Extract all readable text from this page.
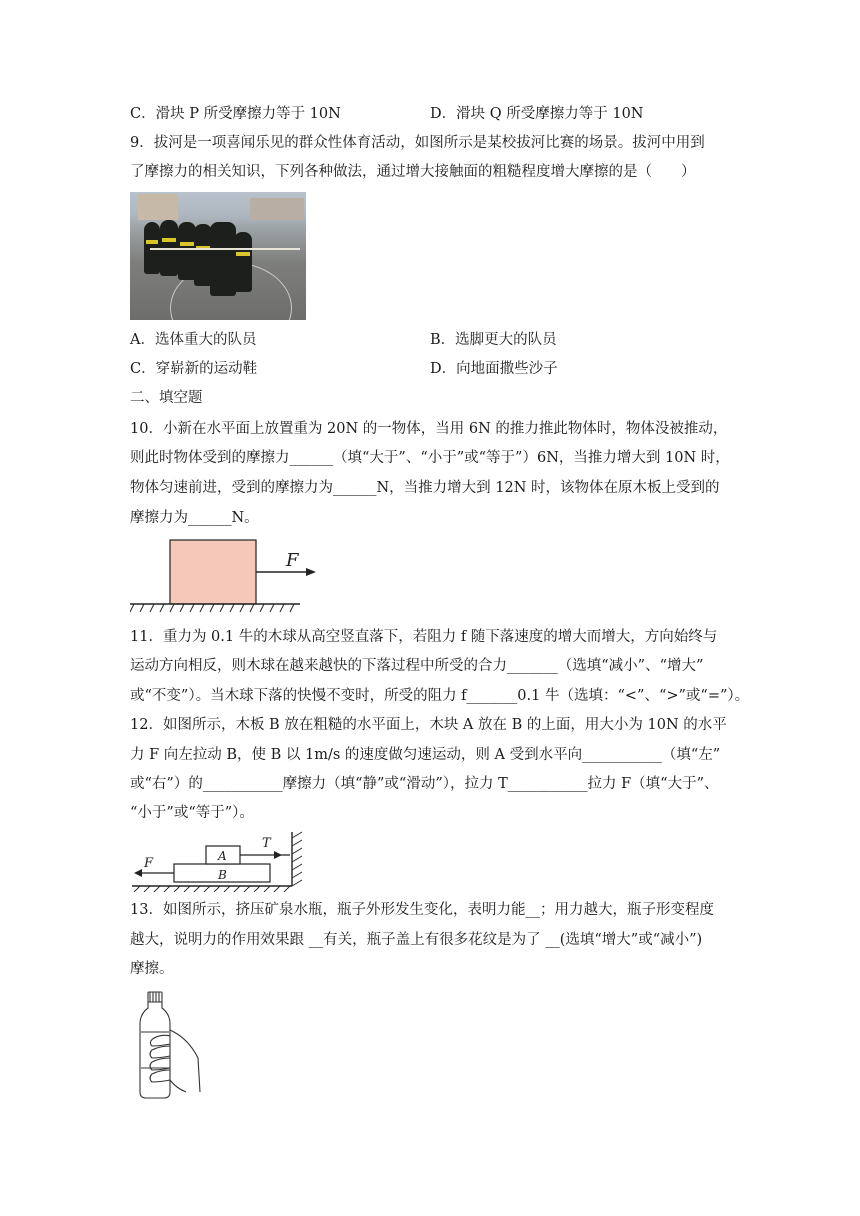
C．滑块 P 所受摩擦力等于 10N	D．滑块 Q 所受摩擦力等于 10N
9．拔河是一项喜闻乐见的群众性体育活动，如图所示是某校拔河比赛的场景。拔河中用到
了摩擦力的相关知识，下列各种做法，通过增大接触面的粗糙程度增大摩擦的是（　　）
A．选体重大的队员	B．选脚更大的队员
C．穿崭新的运动鞋	D．向地面撒些沙子
二、填空题
10．小新在水平面上放置重为 20N 的一物体，当用 6N 的推力推此物体时，物体没被推动，
则此时物体受到的摩擦力______（填“大于”、“小于”或“等于”）6N，当推力增大到 10N 时，
物体匀速前进，受到的摩擦力为______N，当推力增大到 12N 时，该物体在原木板上受到的
摩擦力为______N。
F
11．重力为 0.1 牛的木球从高空竖直落下，若阻力 f 随下落速度的增大而增大，方向始终与
运动方向相反，则木球在越来越快的下落过程中所受的合力_______（选填“减小”、“增大”
或“不变”）。当木球下落的快慢不变时，所受的阻力 f_______0.1 牛（选填：“<”、“>”或“=”）。
12．如图所示，木板 B 放在粗糙的水平面上，木块 A 放在 B 的上面，用大小为 10N 的水平
力 F 向左拉动 B，使 B 以 1m/s 的速度做匀速运动，则 A 受到水平向___________（填“左”
或“右”）的___________摩擦力（填“静”或“滑动”），拉力 T___________拉力 F（填“大于”、
“小于”或“等于”）。
B
A
T
F
13．如图所示，挤压矿泉水瓶，瓶子外形发生变化，表明力能__；用力越大，瓶子形变程度
越大，说明力的作用效果跟 __有关，瓶子盖上有很多花纹是为了 __(选填“增大”或“减小”)
摩擦。
